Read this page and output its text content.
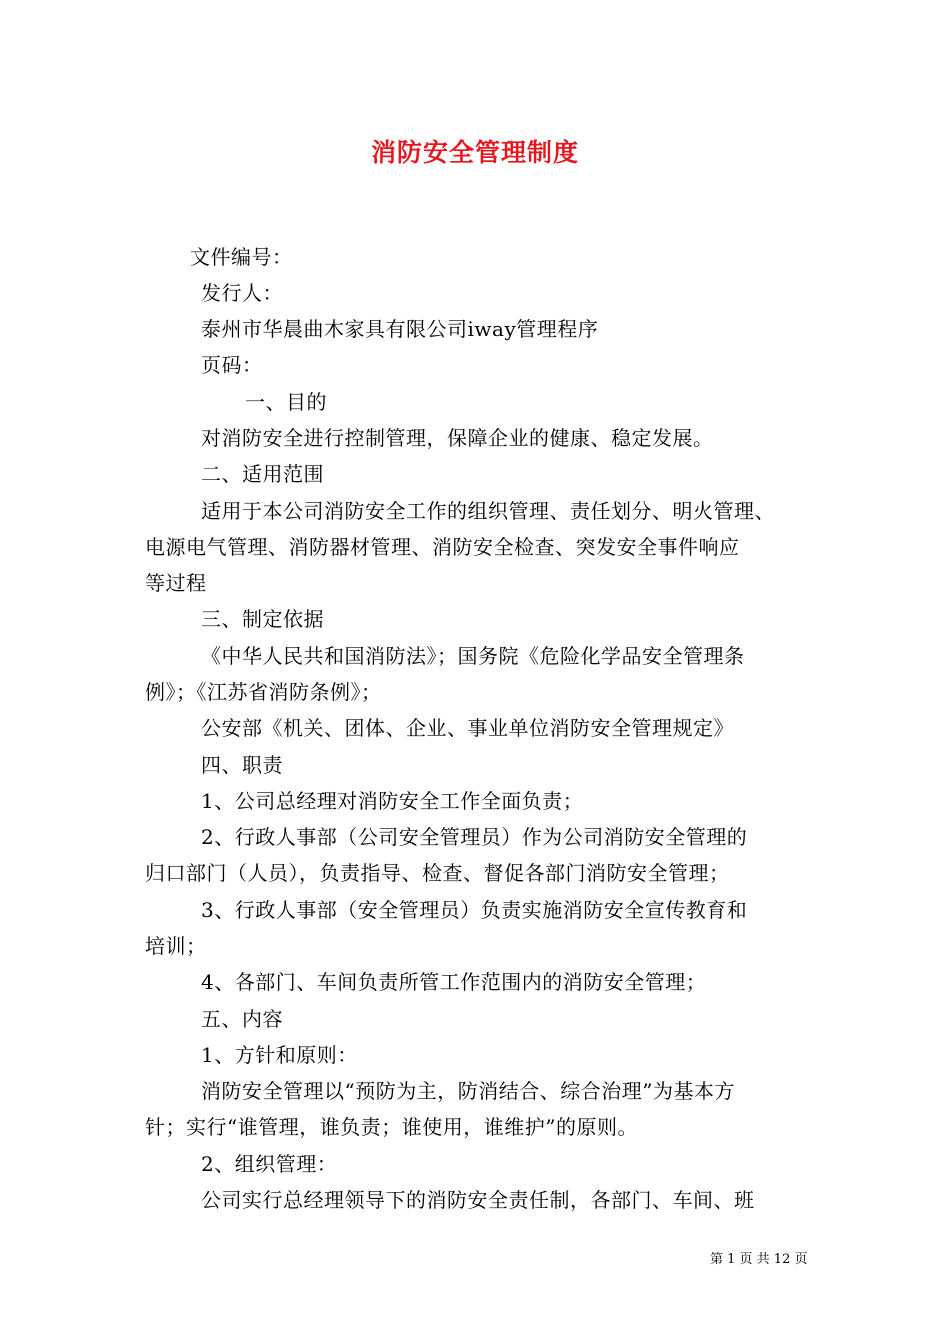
消防安全管理制度
文件编号：
发行人：
泰州市华晨曲木家具有限公司iway管理程序
页码：
一、目的
对消防安全进行控制管理，保障企业的健康、稳定发展。
二、适用范围
适用于本公司消防安全工作的组织管理、责任划分、明火管理、
电源电气管理、消防器材管理、消防安全检查、突发安全事件响应
等过程
三、制定依据
《中华人民共和国消防法》；国务院《危险化学品安全管理条
例》；《江苏省消防条例》；
公安部《机关、团体、企业、事业单位消防安全管理规定》
四、职责
1、公司总经理对消防安全工作全面负责；
2、行政人事部（公司安全管理员）作为公司消防安全管理的
归口部门（人员），负责指导、检查、督促各部门消防安全管理；
3、行政人事部（安全管理员）负责实施消防安全宣传教育和
培训；
4、各部门、车间负责所管工作范围内的消防安全管理；
五、内容
1、方针和原则：
消防安全管理以“预防为主，防消结合、综合治理”为基本方
针；实行“谁管理，谁负责；谁使用，谁维护”的原则。
2、组织管理：
公司实行总经理领导下的消防安全责任制，各部门、车间、班
第 1 页 共 12 页
